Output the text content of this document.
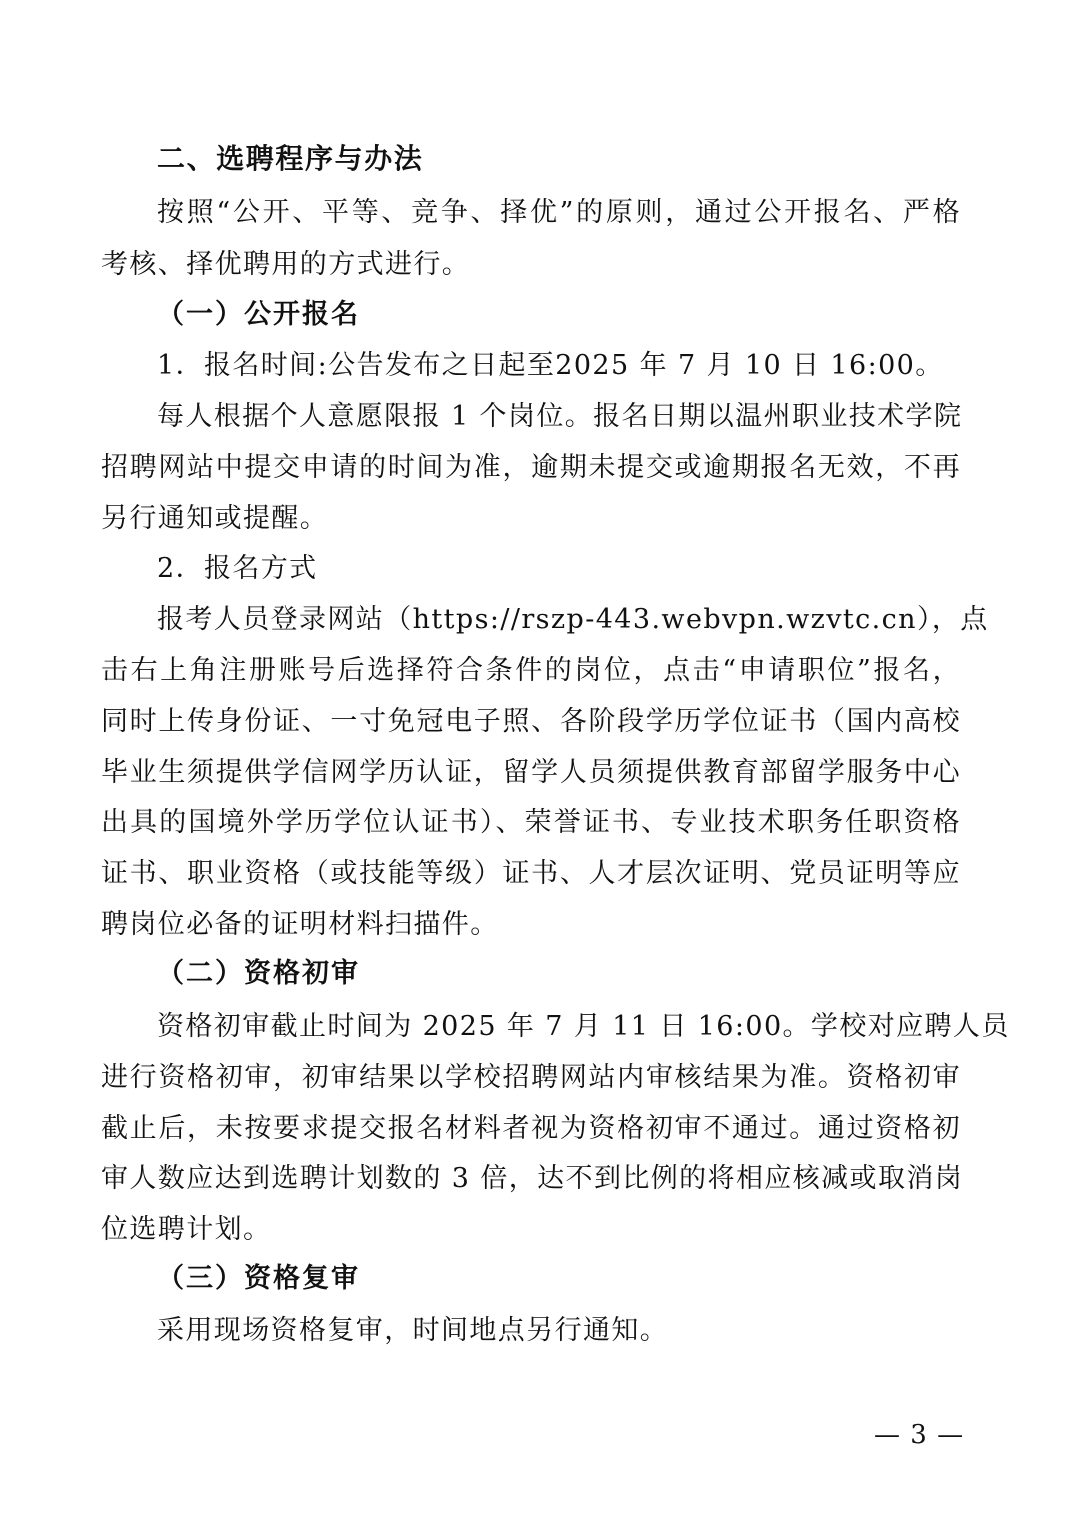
二、选聘程序与办法
按照“公开、平等、竞争、择优”的原则，通过公开报名、严格
考核、择优聘用的方式进行。
（一）公开报名
1．报名时间:公告发布之日起至2025 年 7 月 10 日 16:00。
每人根据个人意愿限报 1 个岗位。报名日期以温州职业技术学院
招聘网站中提交申请的时间为准，逾期未提交或逾期报名无效，不再
另行通知或提醒。
2．报名方式
报考人员登录网站（https://rszp-443.webvpn.wzvtc.cn），点
击右上角注册账号后选择符合条件的岗位，点击“申请职位”报名，
同时上传身份证、一寸免冠电子照、各阶段学历学位证书（国内高校
毕业生须提供学信网学历认证，留学人员须提供教育部留学服务中心
出具的国境外学历学位认证书）、荣誉证书、专业技术职务任职资格
证书、职业资格（或技能等级）证书、人才层次证明、党员证明等应
聘岗位必备的证明材料扫描件。
（二）资格初审
资格初审截止时间为 2025 年 7 月 11 日 16:00。学校对应聘人员
进行资格初审，初审结果以学校招聘网站内审核结果为准。资格初审
截止后，未按要求提交报名材料者视为资格初审不通过。通过资格初
审人数应达到选聘计划数的 3 倍，达不到比例的将相应核减或取消岗
位选聘计划。
（三）资格复审
采用现场资格复审，时间地点另行通知。
— 3 —
